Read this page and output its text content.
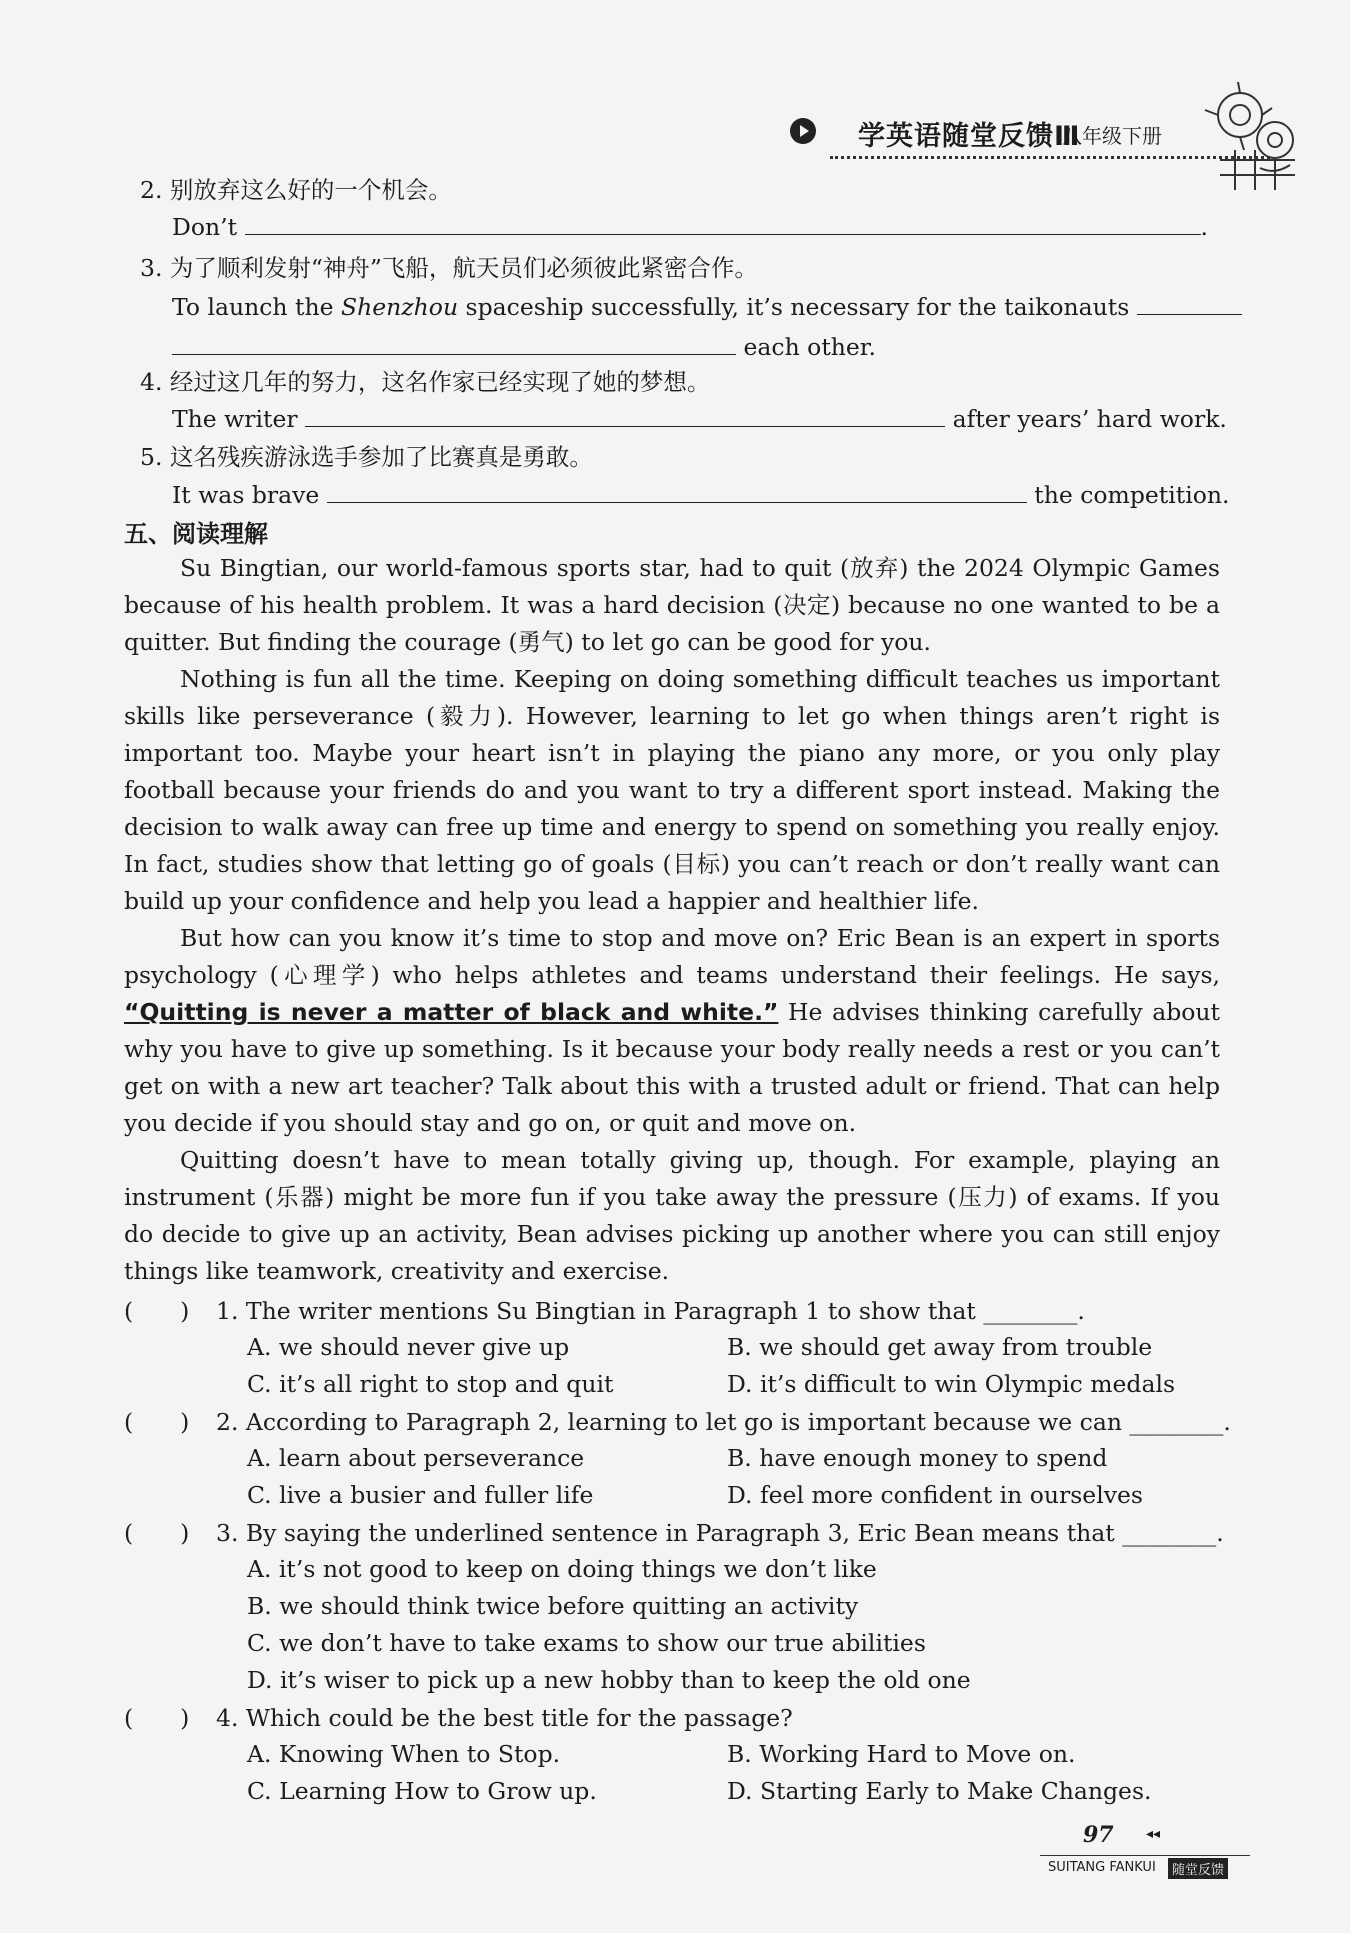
学英语随堂反馈Ⅲ
八年级下册
2. 别放弃这么好的一个机会。
Don’t	.
3. 为了顺利发射“神舟”飞船，航天员们必须彼此紧密合作。
To launch the Shenzhou spaceship successfully, it’s necessary for the taikonauts
each other.
4. 经过这几年的努力，这名作家已经实现了她的梦想。
The writer	after years’ hard work.
5. 这名残疾游泳选手参加了比赛真是勇敢。
It was brave	the competition.
五、阅读理解

Su Bingtian, our world-famous sports star, had to quit (放弃) the 2024 Olympic Games because of his health problem. It was a hard decision (决定) because no one wanted to be a quitter. But finding the courage (勇气) to let go can be good for you.

Nothing is fun all the time. Keeping on doing something difficult teaches us important skills like perseverance (毅力). However, learning to let go when things aren’t right is important too. Maybe your heart isn’t in playing the piano any more, or you only play football because your friends do and you want to try a different sport instead. Making the decision to walk away can free up time and energy to spend on something you really enjoy. In fact, studies show that letting go of goals (目标) you can’t reach or don’t really want can build up your confidence and help you lead a happier and healthier life.

But how can you know it’s time to stop and move on? Eric Bean is an expert in sports psychology (心理学) who helps athletes and teams understand their feelings. He says, “Quitting is never a matter of black and white.” He advises thinking carefully about why you have to give up something. Is it because your body really needs a rest or you can’t get on with a new art teacher? Talk about this with a trusted adult or friend. That can help you decide if you should stay and go on, or quit and move on.

Quitting doesn’t have to mean totally giving up, though. For example, playing an instrument (乐器) might be more fun if you take away the pressure (压力) of exams. If you do decide to give up an activity, Bean advises picking up another where you can still enjoy things like teamwork, creativity and exercise.

(　　) 1. The writer mentions Su Bingtian in Paragraph 1 to show that ________.
A. we should never give up	B. we should get away from trouble
C. it’s all right to stop and quit	D. it’s difficult to win Olympic medals
(　　) 2. According to Paragraph 2, learning to let go is important because we can ________.
A. learn about perseverance	B. have enough money to spend
C. live a busier and fuller life	D. feel more confident in ourselves
(　　) 3. By saying the underlined sentence in Paragraph 3, Eric Bean means that ________.
A. it’s not good to keep on doing things we don’t like
B. we should think twice before quitting an activity
C. we don’t have to take exams to show our true abilities
D. it’s wiser to pick up a new hobby than to keep the old one
(　　) 4. Which could be the best title for the passage?
A. Knowing When to Stop.	B. Working Hard to Move on.
C. Learning How to Grow up.	D. Starting Early to Make Changes.
97 ◂◂
SUITANG FANKUI	随堂反馈
